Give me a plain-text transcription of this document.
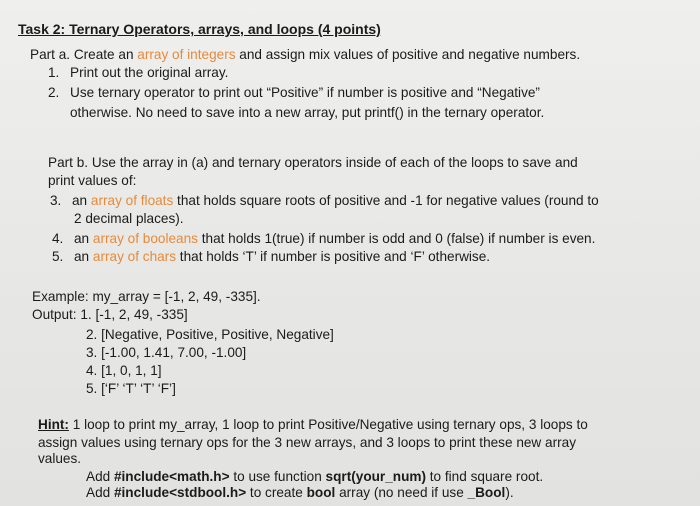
Task 2: Ternary Operators, arrays, and loops (4 points)
Part a. Create an array of integers and assign mix values of positive and negative numbers.
1. Print out the original array.
2. Use ternary operator to print out “Positive” if number is positive and “Negative”
otherwise. No need to save into a new array, put printf() in the ternary operator.
Part b. Use the array in (a) and ternary operators inside of each of the loops to save and
print values of:
3. an array of floats that holds square roots of positive and -1 for negative values (round to
2 decimal places).
4. an array of booleans that holds 1(true) if number is odd and 0 (false) if number is even.
5. an array of chars that holds ‘T’ if number is positive and ‘F’ otherwise.
Example: my_array = [-1, 2, 49, -335].
Output: 1. [-1, 2, 49, -335]
2. [Negative, Positive, Positive, Negative]
3. [-1.00, 1.41, 7.00, -1.00]
4. [1, 0, 1, 1]
5. [‘F’ ‘T’ ‘T’ ‘F’]
Hint: 1 loop to print my_array, 1 loop to print Positive/Negative using ternary ops, 3 loops to
assign values using ternary ops for the 3 new arrays, and 3 loops to print these new array
values.
Add #include<math.h> to use function sqrt(your_num) to find square root.
Add #include<stdbool.h> to create bool array (no need if use _Bool).
